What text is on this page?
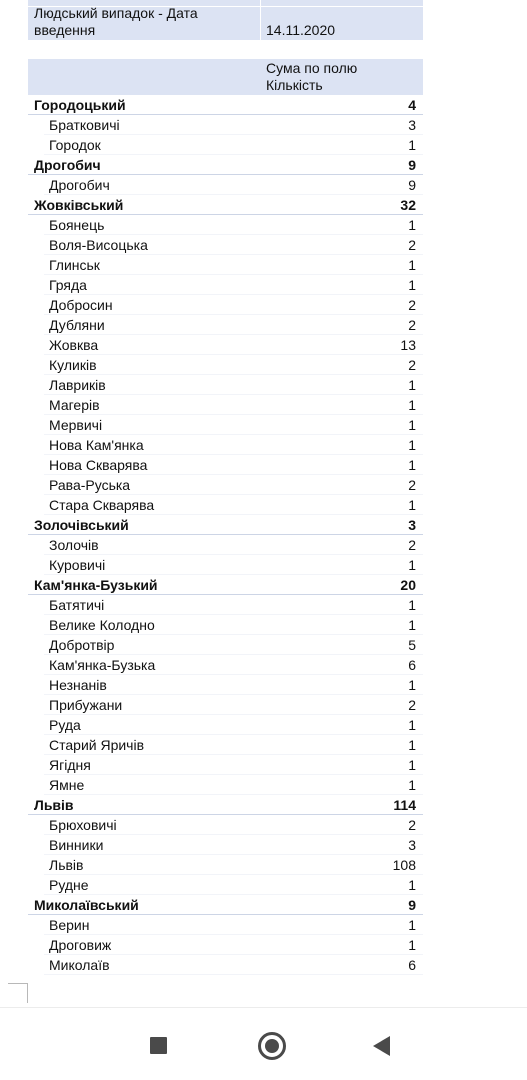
Людський випадок - Дата введення	14.11.2020
Сума по полю Кількість
Городоцький	4
Братковичі	3
Городок	1
Дрогобич	9
Дрогобич	9
Жовківський	32
Боянець	1
Воля-Висоцька	2
Глинськ	1
Гряда	1
Добросин	2
Дубляни	2
Жовква	13
Куликів	2
Лавриків	1
Магерів	1
Мервичі	1
Нова Кам'янка	1
Нова Скварява	1
Рава-Руська	2
Стара Скварява	1
Золочівський	3
Золочів	2
Куровичі	1
Кам'янка-Бузький	20
Батятичі	1
Велике Колодно	1
Добротвір	5
Кам'янка-Бузька	6
Незнанів	1
Прибужани	2
Руда	1
Старий Яричів	1
Ягідня	1
Ямне	1
Львів	114
Брюховичі	2
Винники	3
Львів	108
Рудне	1
Миколаївський	9
Верин	1
Дроговиж	1
Миколаїв	6
